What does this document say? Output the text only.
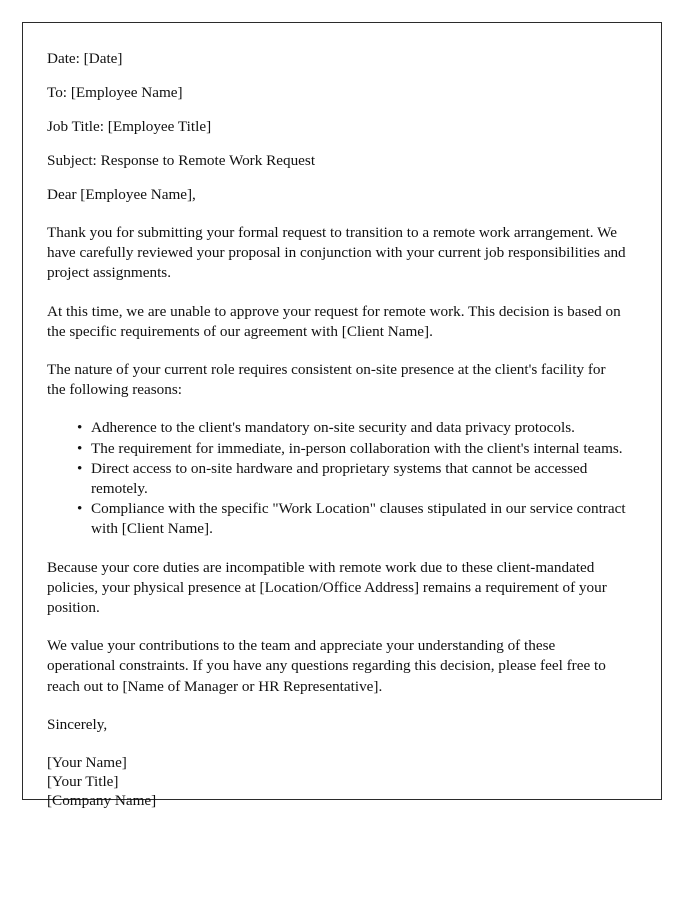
Date: [Date]
To: [Employee Name]
Job Title: [Employee Title]
Subject: Response to Remote Work Request
Dear [Employee Name],

Thank you for submitting your formal request to transition to a remote work arrangement. We have carefully reviewed your proposal in conjunction with your current job responsibilities and project assignments.

At this time, we are unable to approve your request for remote work. This decision is based on the specific requirements of our agreement with [Client Name].

The nature of your current role requires consistent on-site presence at the client's facility for the following reasons:

• Adherence to the client's mandatory on-site security and data privacy protocols.
• The requirement for immediate, in-person collaboration with the client's internal teams.
• Direct access to on-site hardware and proprietary systems that cannot be accessed remotely.
• Compliance with the specific "Work Location" clauses stipulated in our service contract with [Client Name].

Because your core duties are incompatible with remote work due to these client-mandated policies, your physical presence at [Location/Office Address] remains a requirement of your position.

We value your contributions to the team and appreciate your understanding of these operational constraints. If you have any questions regarding this decision, please feel free to reach out to [Name of Manager or HR Representative].

Sincerely,
[Your Name]
[Your Title]
[Company Name]
